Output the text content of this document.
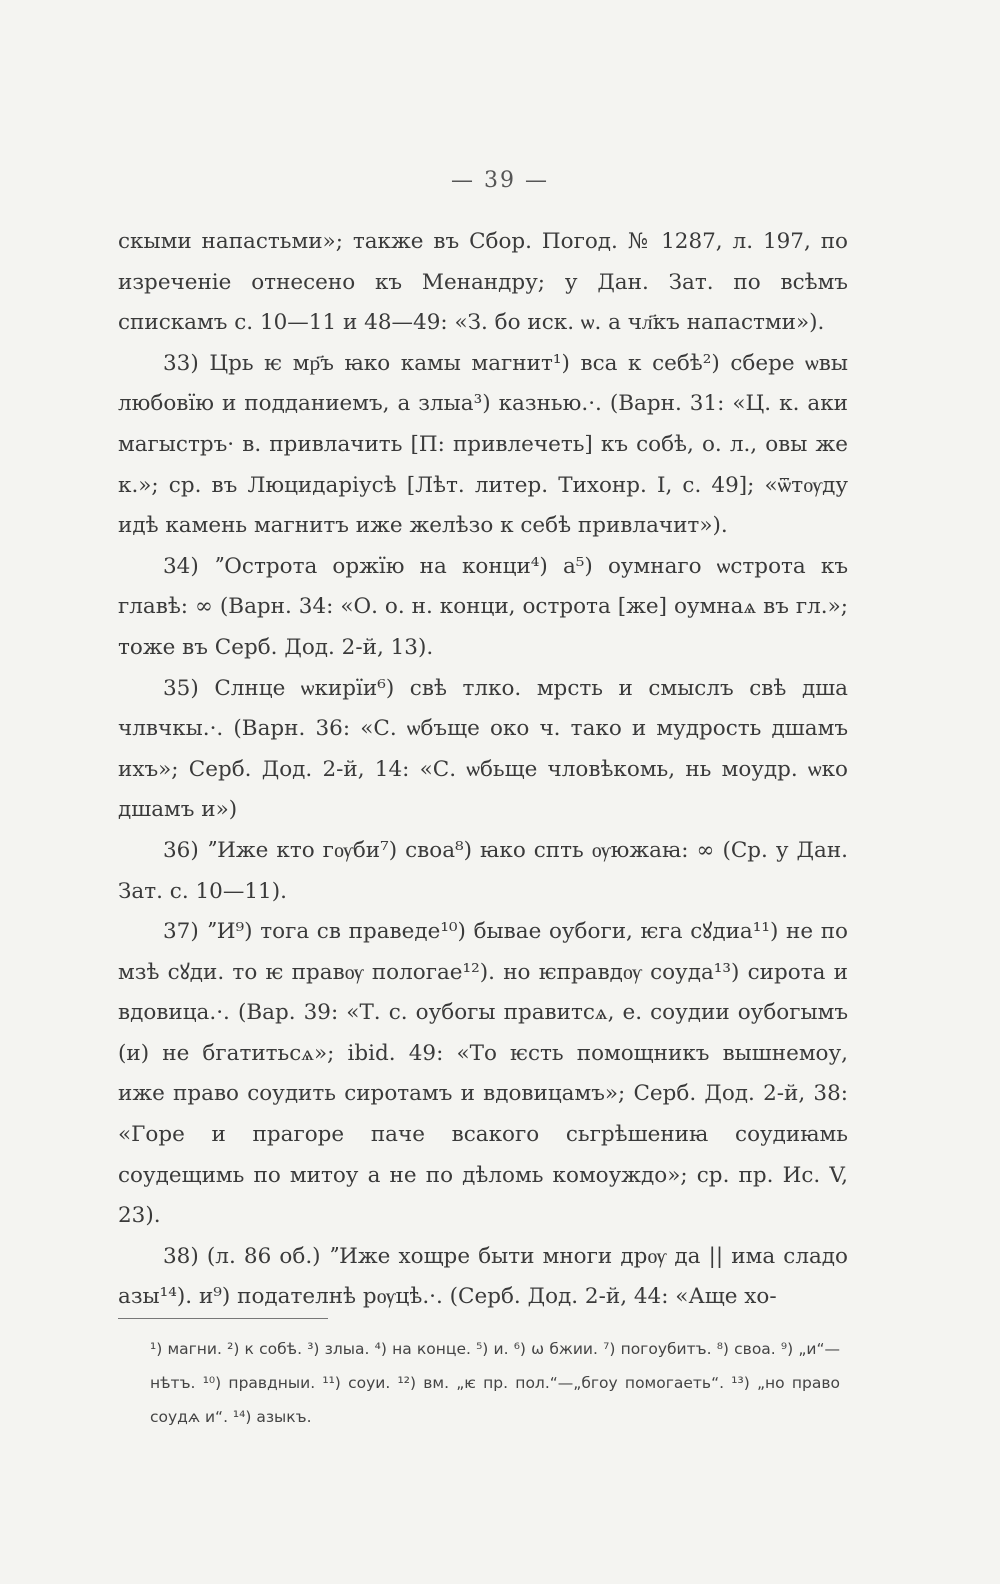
— 39 —

скыми напастьми»; также въ Сбор. Погод. № 1287, л. 197, по изреченіе отнесено къ Менандру; у Дан. Зат. по всѣмъ спискамъ с. 10—11 и 48—49: «З. бо иск. ѡ. а чл҃къ напастми»).

33) Црь ѥ мр҃ъ ꙗко камы магнит¹) вса к себѣ²) сбере ѡвы любовїю и подданиемъ, а злыа³) казнью.·. (Варн. 31: «Ц. к. аки магыстръ· в. привлачить [П: привлечеть] къ собѣ, о. л., овы же к.»; ср. въ Люцидаріусѣ [Лѣт. литер. Тихонр. I, с. 49]; «ѿтѹду идѣ камень магнитъ иже желѣзо к себѣ привлачит»).

34) ˮОстрота оржїю на конци⁴) а⁵) оумнаго ѡстрота къ главѣ: ∞ (Варн. 34: «О. о. н. конци, острота [же] оумнаѧ въ гл.»; тоже въ Серб. Дод. 2-й, 13).

35) Слнце ѡкирїи⁶) свѣ тлко. мрсть и смыслъ свѣ дша члвчкы.·. (Варн. 36: «С. ѡбъще око ч. тако и мудрость дшамъ ихъ»; Серб. Дод. 2-й, 14: «С. ѡбьще чловѣкомь, нь моудр. ѡко дшамъ и»)

36) ˮИже кто гѹби⁷) своа⁸) ꙗко спть ѹюжаꙗ: ∞ (Ср. у Дан. Зат. с. 10—11).

37) ˮИ⁹) тога св праведе¹⁰) бывае оубоги, ѥга сꙋдиа¹¹) не по мзѣ сꙋди. то ѥ правѹ пологае¹²). но ѥправдѹ соуда¹³) сирота и вдовица.·. (Вар. 39: «Т. с. оубогы правитсѧ, е. соудии оубогымъ (и) не бгатитьсѧ»; ibid. 49: «То ѥсть помощникъ вышнемоу, иже право соудить сиротамъ и вдовицамъ»; Серб. Дод. 2-й, 38: «Горе и прагоре паче всакого сьгрѣшениꙗ соудиꙗмь соудещимь по митоу а не по дѣломь комоуждо»; ср. пр. Ис. V, 23).

38) (л. 86 об.) ˮИже хощре быти многи дрѹ да || има сладо азы¹⁴). и⁹) подателнѣ рѹцѣ.·. (Серб. Дод. 2-й, 44: «Аще хо-

¹) магни. ²) к собѣ. ³) злыа. ⁴) на конце. ⁵) и. ⁶) ѡ бжии. ⁷) погоубитъ. ⁸) своа. ⁹) „и“—нѣтъ. ¹⁰) правдныи. ¹¹) соуи. ¹²) вм. „ѥ пр. пол.“—„бгоу помогаеть“. ¹³) „но право соудѧ и“. ¹⁴) азыкъ.
